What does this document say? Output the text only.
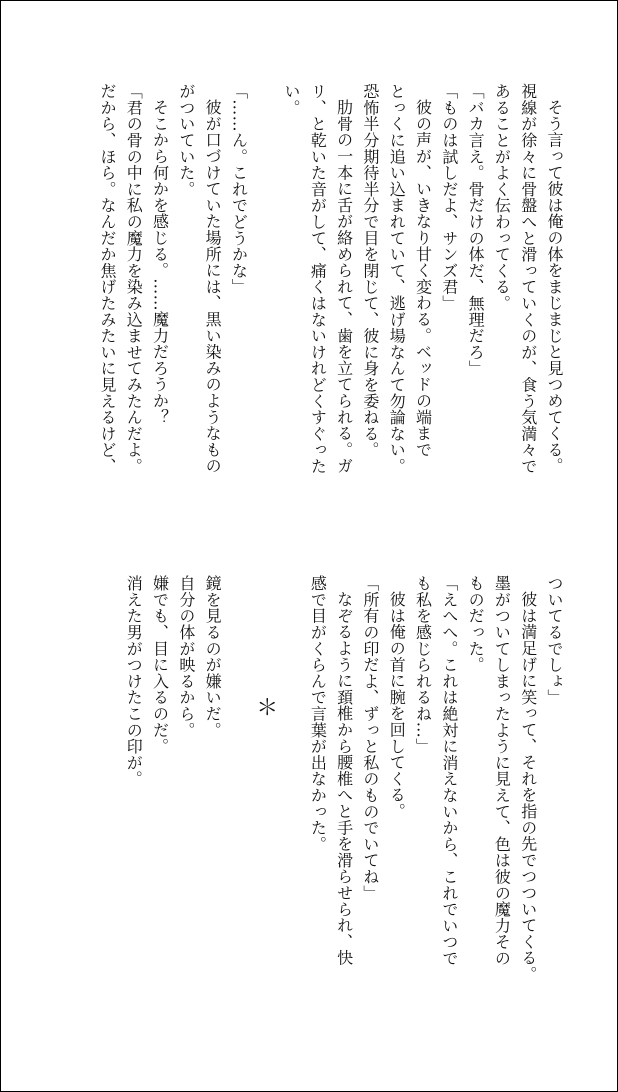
そう言って彼は俺の体をまじまじと見つめてくる。
視線が徐々に骨盤へと滑っていくのが、食う気満々で
あることがよく伝わってくる。
「バカ言え。骨だけの体だ、無理だろ」
「ものは試しだよ、サンズ君」
彼の声が、いきなり甘く変わる。ベッドの端まで
とっくに追い込まれていて、逃げ場なんて勿論ない。
恐怖半分期待半分で目を閉じて、彼に身を委ねる。
肋骨の一本に舌が絡められて、歯を立てられる。ガ
リ、と乾いた音がして、痛くはないけれどくすぐった
い。
「……ん。これでどうかな」
彼が口づけていた場所には、黒い染みのようなもの
がついていた。
そこから何かを感じる。……魔力だろうか？
「君の骨の中に私の魔力を染み込ませてみたんだよ。
だから、ほら。なんだか焦げたみたいに見えるけど、
ついてるでしょ」
彼は満足げに笑って、それを指の先でつついてくる。
墨がついてしまったように見えて、色は彼の魔力その
ものだった。
「えへへ。これは絶対に消えないから、これでいつで
も私を感じられるね…」
彼は俺の首に腕を回してくる。
「所有の印だよ、ずっと私のものでいてね」
なぞるように頚椎から腰椎へと手を滑らせられ、快
感で目がくらんで言葉が出なかった。
＊
鏡を見るのが嫌いだ。
自分の体が映るから。
嫌でも、目に入るのだ。
消えた男がつけたこの印が。
